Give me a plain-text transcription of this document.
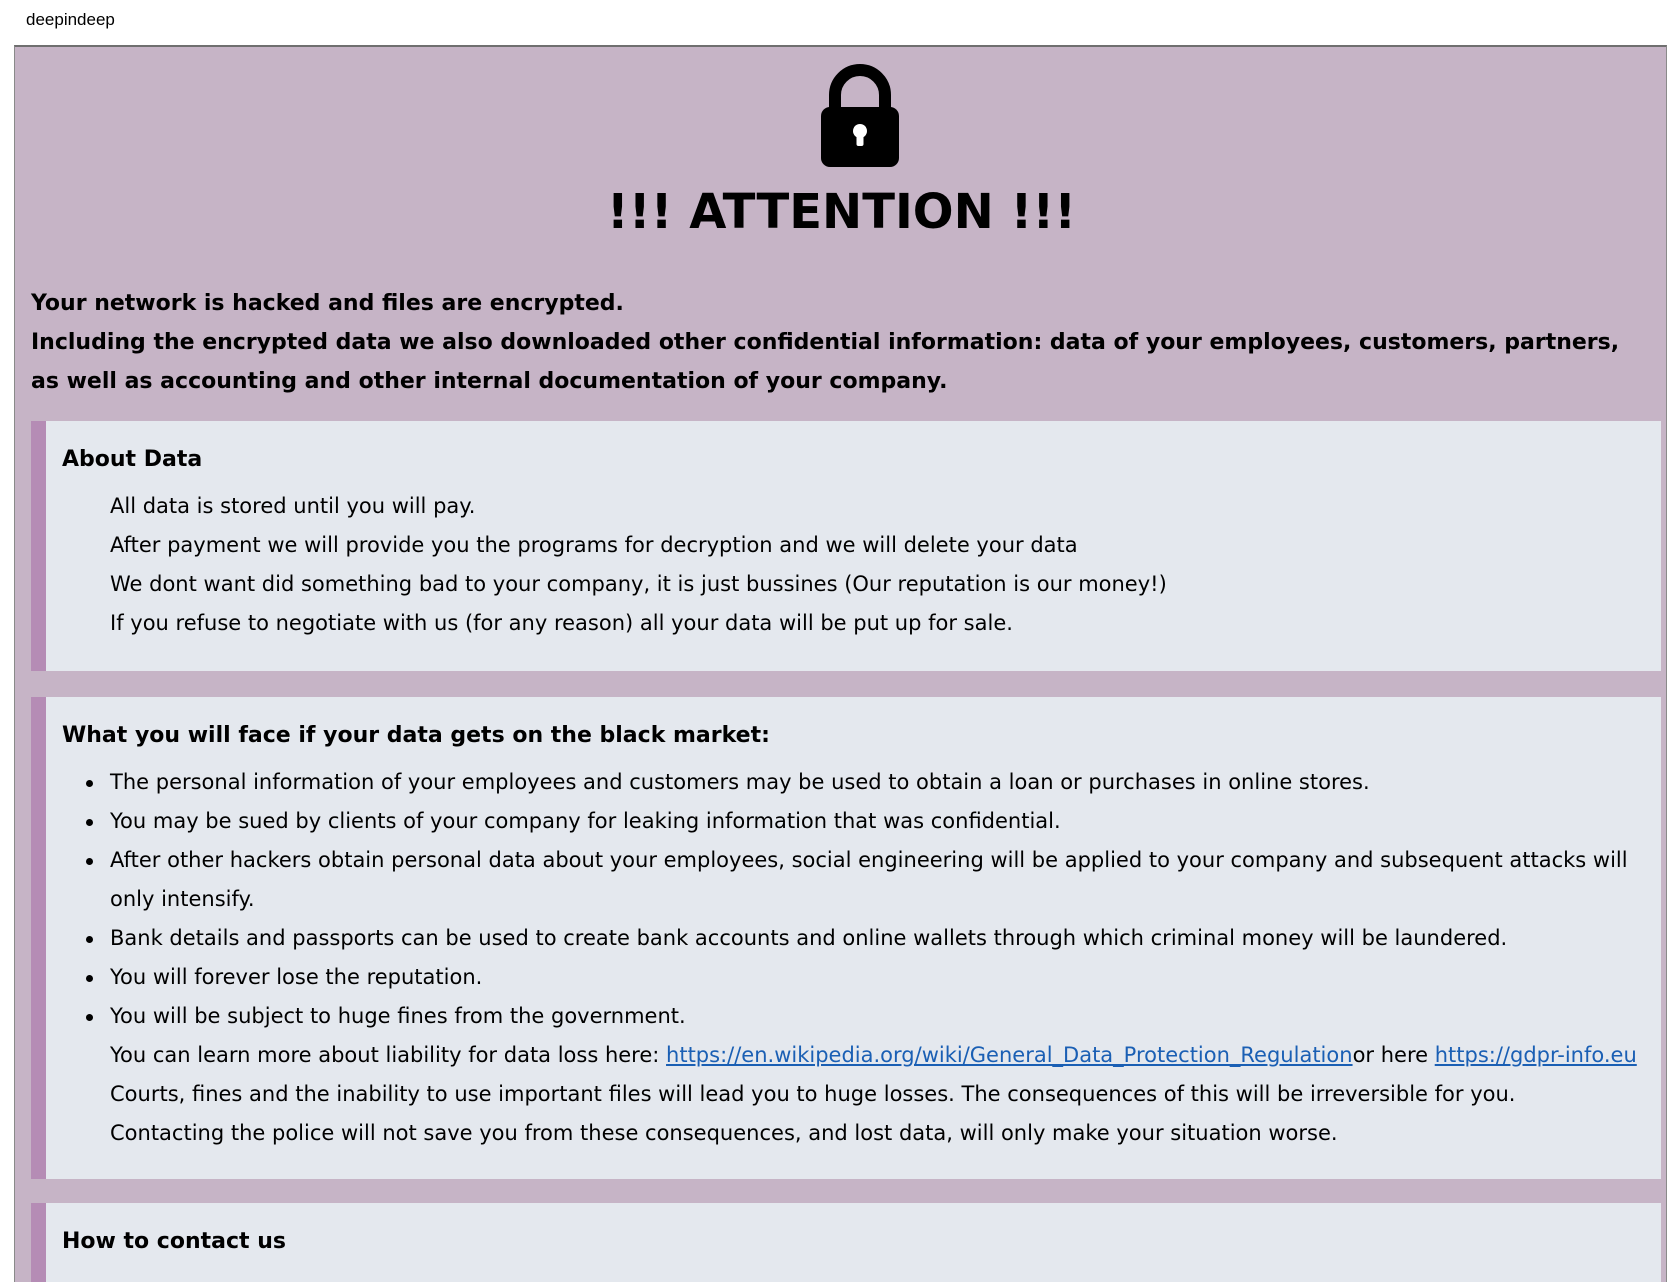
deepindeep
!!! ATTENTION !!!

Your network is hacked and files are encrypted.

Including the encrypted data we also downloaded other confidential information: data of your employees, customers, partners, as well as accounting and other internal documentation of your company.

About Data
All data is stored until you will pay.
After payment we will provide you the programs for decryption and we will delete your data
We dont want did something bad to your company, it is just bussines (Our reputation is our money!)
If you refuse to negotiate with us (for any reason) all your data will be put up for sale.
What you will face if your data gets on the black market:
The personal information of your employees and customers may be used to obtain a loan or purchases in online stores.
You may be sued by clients of your company for leaking information that was confidential.
After other hackers obtain personal data about your employees, social engineering will be applied to your company and subsequent attacks will only intensify.
Bank details and passports can be used to create bank accounts and online wallets through which criminal money will be laundered.
You will forever lose the reputation.
You will be subject to huge fines from the government.
You can learn more about liability for data loss here: https://en.wikipedia.org/wiki/General_Data_Protection_Regulationor here https://gdpr-info.eu
Courts, fines and the inability to use important files will lead you to huge losses. The consequences of this will be irreversible for you.
Contacting the police will not save you from these consequences, and lost data, will only make your situation worse.
How to contact us
